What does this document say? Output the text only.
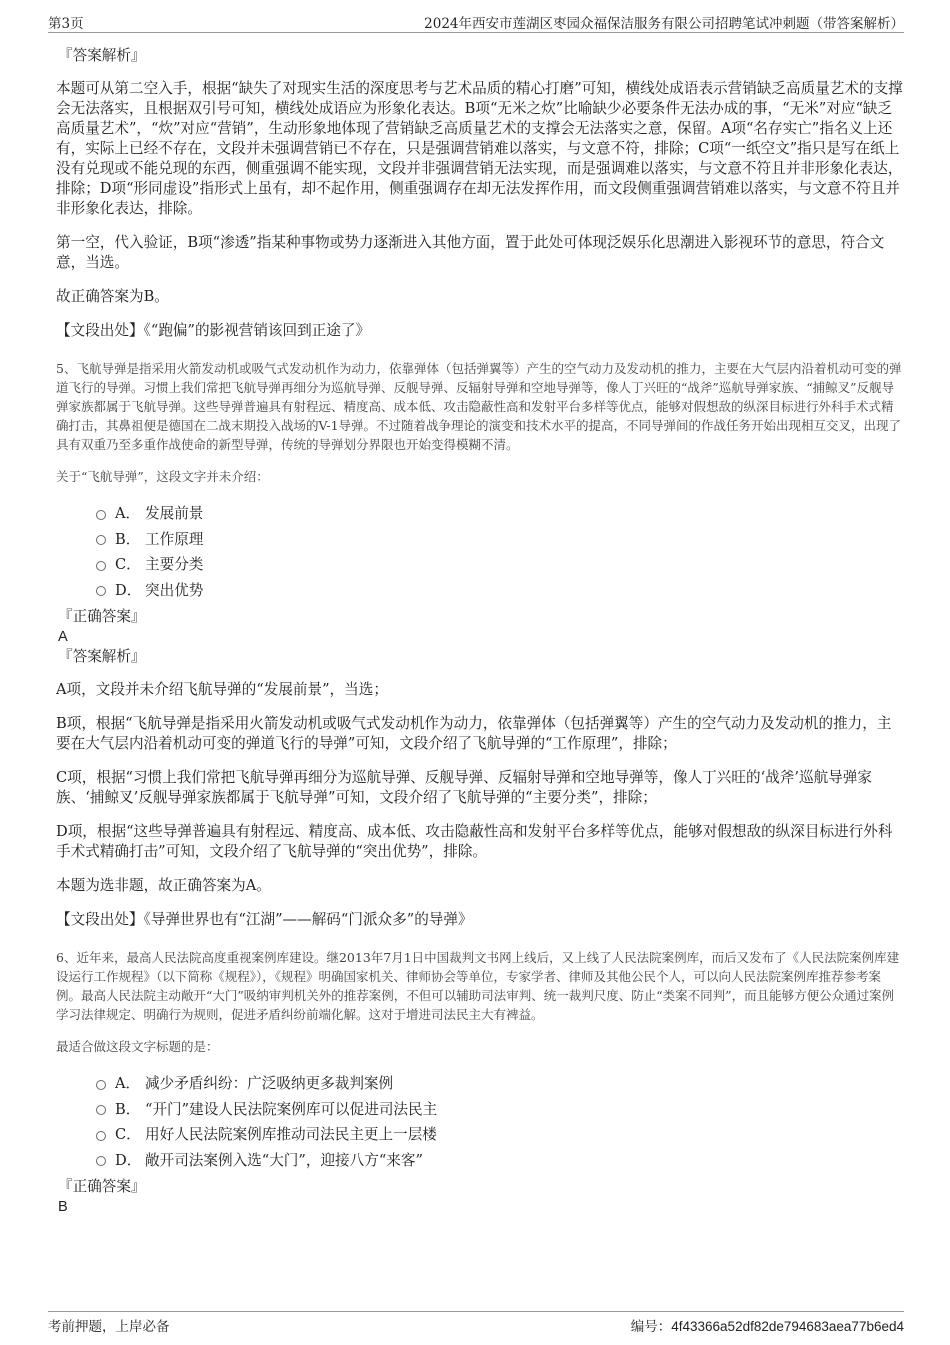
第3页	2024年西安市莲湖区枣园众福保洁服务有限公司招聘笔试冲刺题（带答案解析）
『答案解析』
本题可从第二空入手，根据“缺失了对现实生活的深度思考与艺术品质的精心打磨”可知，横线处成语表示营销缺乏高质量艺术的支撑会无法落实，且根据双引号可知，横线处成语应为形象化表达。B项“无米之炊”比喻缺少必要条件无法办成的事，“无米”对应“缺乏高质量艺术”，“炊”对应“营销”，生动形象地体现了营销缺乏高质量艺术的支撑会无法落实之意，保留。A项“名存实亡”指名义上还有，实际上已经不存在，文段并未强调营销已不存在，只是强调营销难以落实，与文意不符，排除；C项“一纸空文”指只是写在纸上没有兑现或不能兑现的东西，侧重强调不能实现，文段并非强调营销无法实现，而是强调难以落实，与文意不符且并非形象化表达，排除；D项“形同虚设”指形式上虽有，却不起作用，侧重强调存在却无法发挥作用，而文段侧重强调营销难以落实，与文意不符且并非形象化表达，排除。
第一空，代入验证，B项“渗透”指某种事物或势力逐渐进入其他方面，置于此处可体现泛娱乐化思潮进入影视环节的意思，符合文意，当选。
故正确答案为B。
【文段出处】《“跑偏”的影视营销该回到正途了》
5、飞航导弹是指采用火箭发动机或吸气式发动机作为动力，依靠弹体（包括弹翼等）产生的空气动力及发动机的推力，主要在大气层内沿着机动可变的弹道飞行的导弹。习惯上我们常把飞航导弹再细分为巡航导弹、反舰导弹、反辐射导弹和空地导弹等，像人丁兴旺的“战斧”巡航导弹家族、“捕鲸叉”反舰导弹家族都属于飞航导弹。这些导弹普遍具有射程远、精度高、成本低、攻击隐蔽性高和发射平台多样等优点，能够对假想敌的纵深目标进行外科手术式精确打击，其鼻祖便是德国在二战末期投入战场的V-1导弹。不过随着战争理论的演变和技术水平的提高，不同导弹间的作战任务开始出现相互交叉，出现了具有双重乃至多重作战使命的新型导弹，传统的导弹划分界限也开始变得模糊不清。
关于“飞航导弹”，这段文字并未介绍：
A． 发展前景
B． 工作原理
C． 主要分类
D． 突出优势
『正确答案』
A
『答案解析』
A项，文段并未介绍飞航导弹的“发展前景”，当选；
B项，根据“飞航导弹是指采用火箭发动机或吸气式发动机作为动力，依靠弹体（包括弹翼等）产生的空气动力及发动机的推力，主要在大气层内沿着机动可变的弹道飞行的导弹”可知，文段介绍了飞航导弹的“工作原理”，排除；
C项，根据“习惯上我们常把飞航导弹再细分为巡航导弹、反舰导弹、反辐射导弹和空地导弹等，像人丁兴旺的‘战斧’巡航导弹家族、‘捕鲸叉’反舰导弹家族都属于飞航导弹”可知，文段介绍了飞航导弹的“主要分类”，排除；
D项，根据“这些导弹普遍具有射程远、精度高、成本低、攻击隐蔽性高和发射平台多样等优点，能够对假想敌的纵深目标进行外科手术式精确打击”可知，文段介绍了飞航导弹的“突出优势”，排除。
本题为选非题，故正确答案为A。
【文段出处】《导弹世界也有“江湖”——解码“门派众多”的导弹》
6、近年来，最高人民法院高度重视案例库建设。继2013年7月1日中国裁判文书网上线后，又上线了人民法院案例库，而后又发布了《人民法院案例库建设运行工作规程》（以下简称《规程》），《规程》明确国家机关、律师协会等单位，专家学者、律师及其他公民个人，可以向人民法院案例库推荐参考案例。最高人民法院主动敞开“大门”吸纳审判机关外的推荐案例，不但可以辅助司法审判、统一裁判尺度、防止“类案不同判”，而且能够方便公众通过案例学习法律规定、明确行为规则，促进矛盾纠纷前端化解。这对于增进司法民主大有裨益。
最适合做这段文字标题的是：
A． 减少矛盾纠纷：广泛吸纳更多裁判案例
B． “开门”建设人民法院案例库可以促进司法民主
C． 用好人民法院案例库推动司法民主更上一层楼
D． 敞开司法案例入选“大门”，迎接八方“来客”
『正确答案』
B
考前押题，上岸必备	编号：4f43366a52df82de794683aea77b6ed4
